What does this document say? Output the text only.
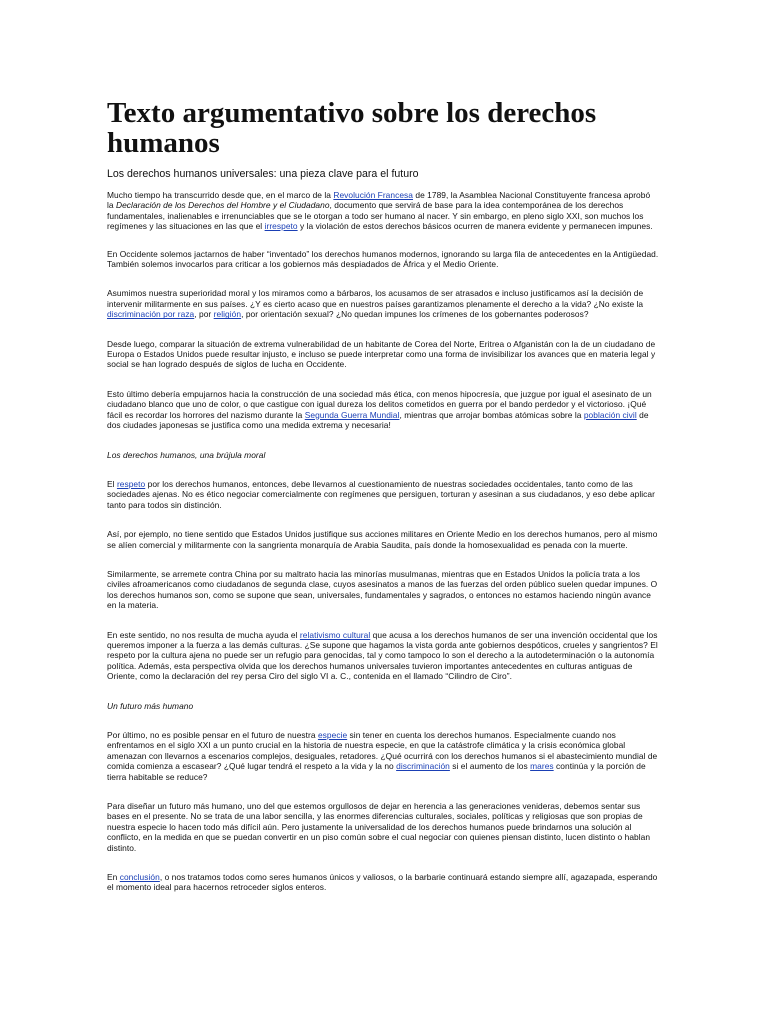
Texto argumentativo sobre los derechos humanos
Los derechos humanos universales: una pieza clave para el futuro

Mucho tiempo ha transcurrido desde que, en el marco de la Revolución Francesa de 1789, la Asamblea Nacional Constituyente francesa aprobó la Declaración de los Derechos del Hombre y el Ciudadano, documento que servirá de base para la idea contemporánea de los derechos fundamentales, inalienables e irrenunciables que se le otorgan a todo ser humano al nacer. Y sin embargo, en pleno siglo XXI, son muchos los regímenes y las situaciones en las que el irrespeto y la violación de estos derechos básicos ocurren de manera evidente y permanecen impunes.

En Occidente solemos jactarnos de haber “inventado” los derechos humanos modernos, ignorando su larga fila de antecedentes en la Antigüedad. También solemos invocarlos para criticar a los gobiernos más despiadados de África y el Medio Oriente.

Asumimos nuestra superioridad moral y los miramos como a bárbaros, los acusamos de ser atrasados e incluso justificamos así la decisión de intervenir militarmente en sus países. ¿Y es cierto acaso que en nuestros países garantizamos plenamente el derecho a la vida? ¿No existe la discriminación por raza, por religión, por orientación sexual? ¿No quedan impunes los crímenes de los gobernantes poderosos?

Desde luego, comparar la situación de extrema vulnerabilidad de un habitante de Corea del Norte, Eritrea o Afganistán con la de un ciudadano de Europa o Estados Unidos puede resultar injusto, e incluso se puede interpretar como una forma de invisibilizar los avances que en materia legal y social se han logrado después de siglos de lucha en Occidente.

Esto último debería empujarnos hacia la construcción de una sociedad más ética, con menos hipocresía, que juzgue por igual el asesinato de un ciudadano blanco que uno de color, o que castigue con igual dureza los delitos cometidos en guerra por el bando perdedor y el victorioso. ¡Qué fácil es recordar los horrores del nazismo durante la Segunda Guerra Mundial, mientras que arrojar bombas atómicas sobre la población civil de dos ciudades japonesas se justifica como una medida extrema y necesaria!

Los derechos humanos, una brújula moral

El respeto por los derechos humanos, entonces, debe llevarnos al cuestionamiento de nuestras sociedades occidentales, tanto como de las sociedades ajenas. No es ético negociar comercialmente con regímenes que persiguen, torturan y asesinan a sus ciudadanos, y eso debe aplicar tanto para todos sin distinción.

Así, por ejemplo, no tiene sentido que Estados Unidos justifique sus acciones militares en Oriente Medio en los derechos humanos, pero al mismo se alíen comercial y militarmente con la sangrienta monarquía de Arabia Saudita, país donde la homosexualidad es penada con la muerte.

Similarmente, se arremete contra China por su maltrato hacia las minorías musulmanas, mientras que en Estados Unidos la policía trata a los civiles afroamericanos como ciudadanos de segunda clase, cuyos asesinatos a manos de las fuerzas del orden público suelen quedar impunes. O los derechos humanos son, como se supone que sean, universales, fundamentales y sagrados, o entonces no estamos haciendo ningún avance en la materia.

En este sentido, no nos resulta de mucha ayuda el relativismo cultural que acusa a los derechos humanos de ser una invención occidental que los queremos imponer a la fuerza a las demás culturas. ¿Se supone que hagamos la vista gorda ante gobiernos despóticos, crueles y sangrientos? El respeto por la cultura ajena no puede ser un refugio para genocidas, tal y como tampoco lo son el derecho a la autodeterminación o la autonomía política. Además, esta perspectiva olvida que los derechos humanos universales tuvieron importantes antecedentes en culturas antiguas de Oriente, como la declaración del rey persa Ciro del siglo VI a. C., contenida en el llamado “Cilindro de Ciro”.

Un futuro más humano

Por último, no es posible pensar en el futuro de nuestra especie sin tener en cuenta los derechos humanos. Especialmente cuando nos enfrentamos en el siglo XXI a un punto crucial en la historia de nuestra especie, en que la catástrofe climática y la crisis económica global amenazan con llevarnos a escenarios complejos, desiguales, retadores. ¿Qué ocurrirá con los derechos humanos si el abastecimiento mundial de comida comienza a escasear? ¿Qué lugar tendrá el respeto a la vida y la no discriminación si el aumento de los mares continúa y la porción de tierra habitable se reduce?

Para diseñar un futuro más humano, uno del que estemos orgullosos de dejar en herencia a las generaciones venideras, debemos sentar sus bases en el presente. No se trata de una labor sencilla, y las enormes diferencias culturales, sociales, políticas y religiosas que son propias de nuestra especie lo hacen todo más difícil aún. Pero justamente la universalidad de los derechos humanos puede brindarnos una solución al conflicto, en la medida en que se puedan convertir en un piso común sobre el cual negociar con quienes piensan distinto, lucen distinto o hablan distinto.

En conclusión, o nos tratamos todos como seres humanos únicos y valiosos, o la barbarie continuará estando siempre allí, agazapada, esperando el momento ideal para hacernos retroceder siglos enteros.
